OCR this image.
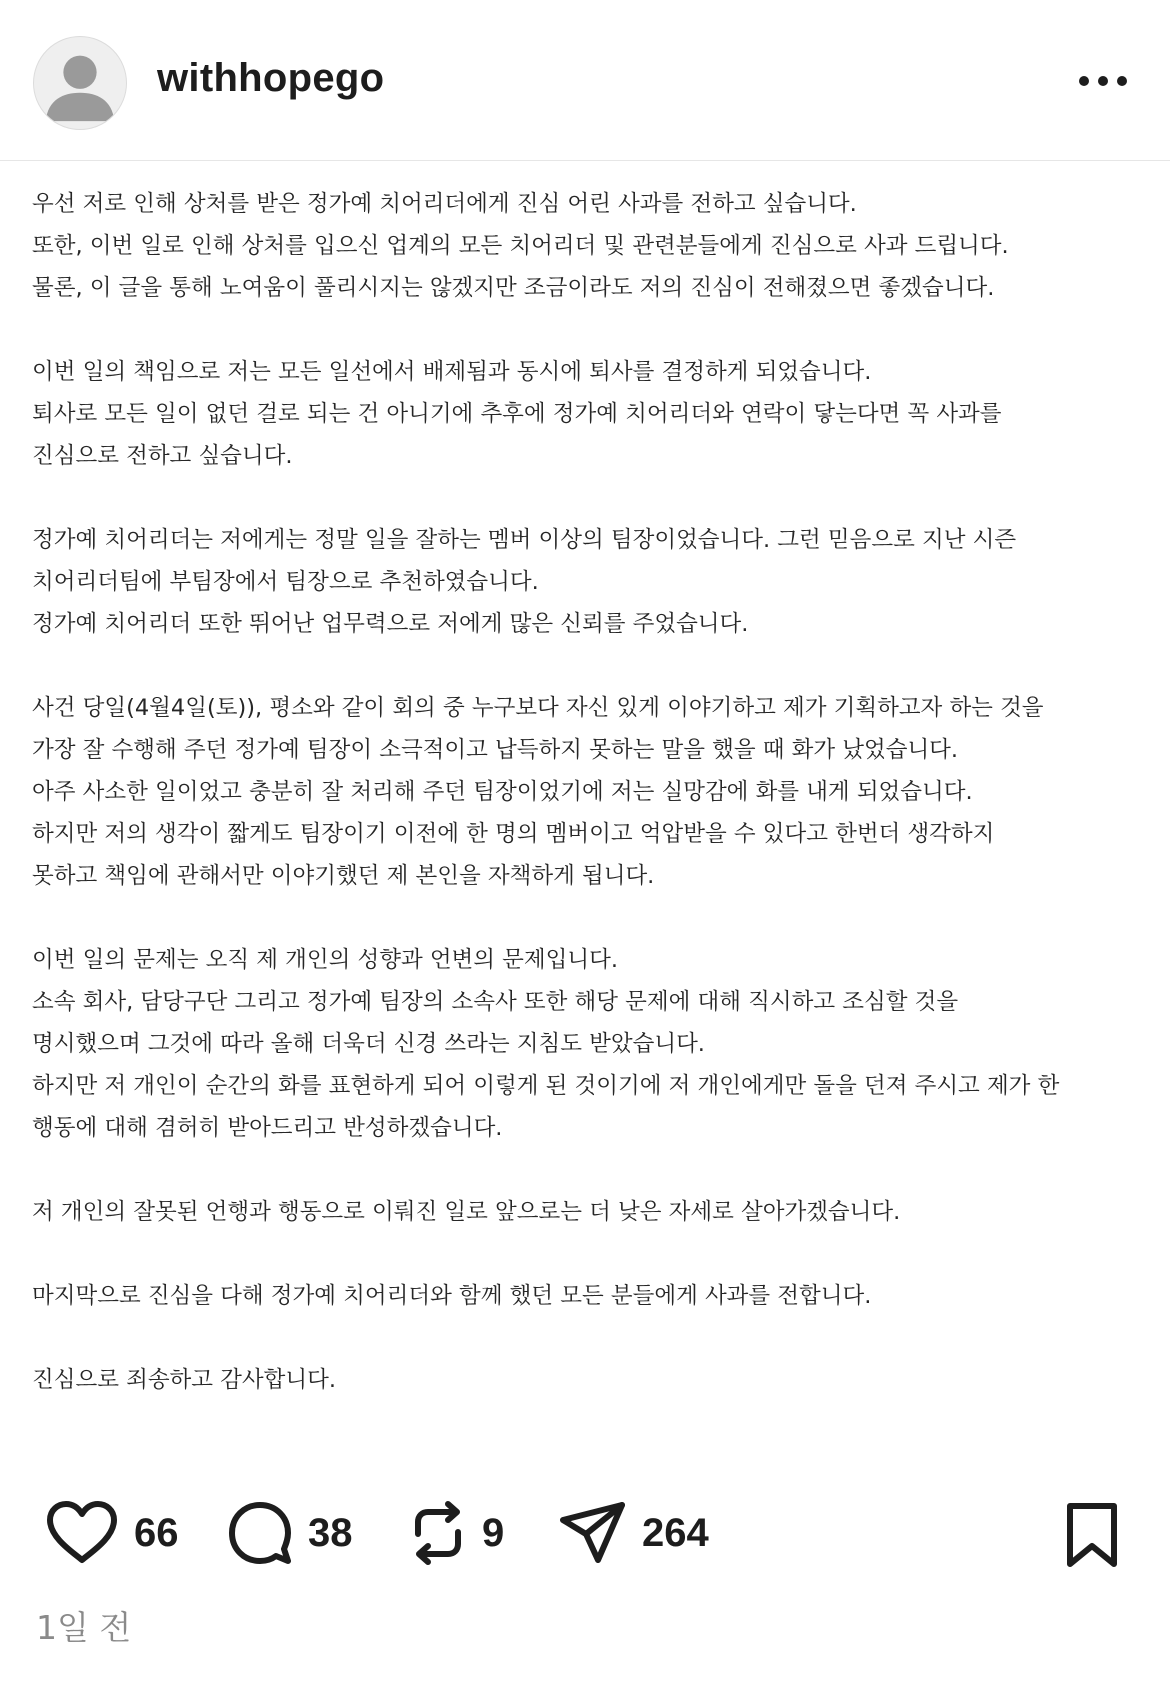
withhopego
우선 저로 인해 상처를 받은 정가예 치어리더에게 진심 어린 사과를 전하고 싶습니다.
또한, 이번 일로 인해 상처를 입으신 업계의 모든 치어리더 및 관련분들에게 진심으로 사과 드립니다.
물론, 이 글을 통해 노여움이 풀리시지는 않겠지만 조금이라도 저의 진심이 전해졌으면 좋겠습니다.
이번 일의 책임으로 저는 모든 일선에서 배제됨과 동시에 퇴사를 결정하게 되었습니다.
퇴사로 모든 일이 없던 걸로 되는 건 아니기에 추후에 정가예 치어리더와 연락이 닿는다면 꼭 사과를
진심으로 전하고 싶습니다.
정가예 치어리더는 저에게는 정말 일을 잘하는 멤버 이상의 팀장이었습니다. 그런 믿음으로 지난 시즌
치어리더팀에 부팀장에서 팀장으로 추천하였습니다.
정가예 치어리더 또한 뛰어난 업무력으로 저에게 많은 신뢰를 주었습니다.
사건 당일(4월4일(토)), 평소와 같이 회의 중 누구보다 자신 있게 이야기하고 제가 기획하고자 하는 것을
가장 잘 수행해 주던 정가예 팀장이 소극적이고 납득하지 못하는 말을 했을 때 화가 났었습니다.
아주 사소한 일이었고 충분히 잘 처리해 주던 팀장이었기에 저는 실망감에 화를 내게 되었습니다.
하지만 저의 생각이 짧게도 팀장이기 이전에 한 명의 멤버이고 억압받을 수 있다고 한번더 생각하지
못하고 책임에 관해서만 이야기했던 제 본인을 자책하게 됩니다.
이번 일의 문제는 오직 제 개인의 성향과 언변의 문제입니다.
소속 회사, 담당구단 그리고 정가예 팀장의 소속사 또한 해당 문제에 대해 직시하고 조심할 것을
명시했으며 그것에 따라 올해 더욱더 신경 쓰라는 지침도 받았습니다.
하지만 저 개인이 순간의 화를 표현하게 되어 이렇게 된 것이기에 저 개인에게만 돌을 던져 주시고 제가 한
행동에 대해 겸허히 받아드리고 반성하겠습니다.
저 개인의 잘못된 언행과 행동으로 이뤄진 일로 앞으로는 더 낮은 자세로 살아가겠습니다.
마지막으로 진심을 다해 정가예 치어리더와 함께 했던 모든 분들에게 사과를 전합니다.
진심으로 죄송하고 감사합니다.
66	38	9	264
1일 전
